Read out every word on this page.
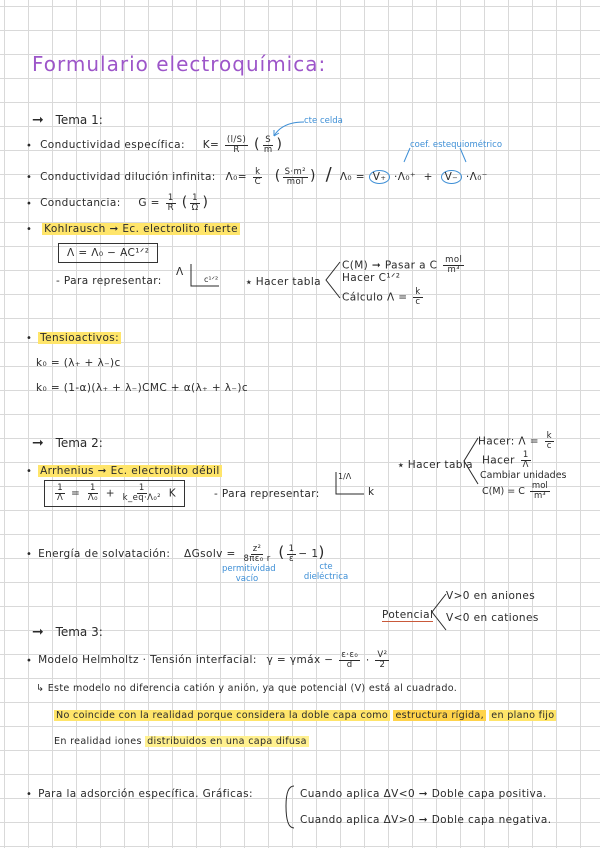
Formulario electroquímica:
➞ Tema 1:
• Conductividad específica: $K= \frac{(l/S)}{R}$ ( $\frac{S}{m}$ )
cte celda
• Conductividad dilución infinita: $\Lambda_0= \frac{k}{C}$ ( $\frac{\text{S·m²}}{\text{mol}}$ ) / Λ₀ = V₊ ·Λ₀⁺ + V₋ ·Λ₀⁻
coef. estequiométrico
• Conductancia: $G = \frac{1}{R}$ ( $\frac{1}{\Omega}$ )
• Kohlrausch ➞ Ec. electrolito fuerte
Λ = Λ₀ − AC¹ᐟ²
- Para representar:
Λ
c¹ᐟ²	⭑ Hacer tabla
C(M) ➞ Pasar a C $\frac{\text{mol}}{\text{m³}}$
Hacer C¹ᐟ²
Cálculo $\Lambda = \frac{k}{c}$
• Tensioactivos:
k₀ = (λ₊ + λ₋)c
k₀ = (1-α)(λ₊ + λ₋)CMC + α(λ₊ + λ₋)c
➞ Tema 2:
• Arrhenius ➞ Ec. electrolito débil
$\frac{1}{\Lambda} = \frac{1}{\text{Λ₀}} + \frac{1}{\text{k\_eq·Λ₀²}}$ K	- Para representar:
1/Λ
k
⭑ Hacer tabla
Hacer: $\Lambda = \frac{k}{c}$
Hacer $\frac{1}{\Lambda}$
Cambiar unidades
C(M) = C $\frac{\text{mol}}{\text{m³}}$
• Energía de solvatación: ΔGsolv = $\frac{\text{z²}}{\text{8πε₀ r}}$ ( $\frac{1}{\varepsilon} - 1$)
permitividad vacío
cte dieléctrica
➞ Tema 3:
Potencial
V>0 en aniones
V<0 en cationes
• Modelo Helmholtz · Tensión interfacial: γ = γmáx − $\frac{\text{ε·ε₀}}{d} \cdot \frac{\text{V²}}{2}$
↳ Este modelo no diferencia catión y anión, ya que potencial (V) está al cuadrado.
No coincide con la realidad porque considera la doble capa como estructura rígida, en plano fijo
En realidad iones distribuidos en una capa difusa
• Para la adsorción específica. Gráficas:	Cuando aplica ΔV<0 ➞ Doble capa positiva.
Cuando aplica ΔV>0 ➞ Doble capa negativa.
